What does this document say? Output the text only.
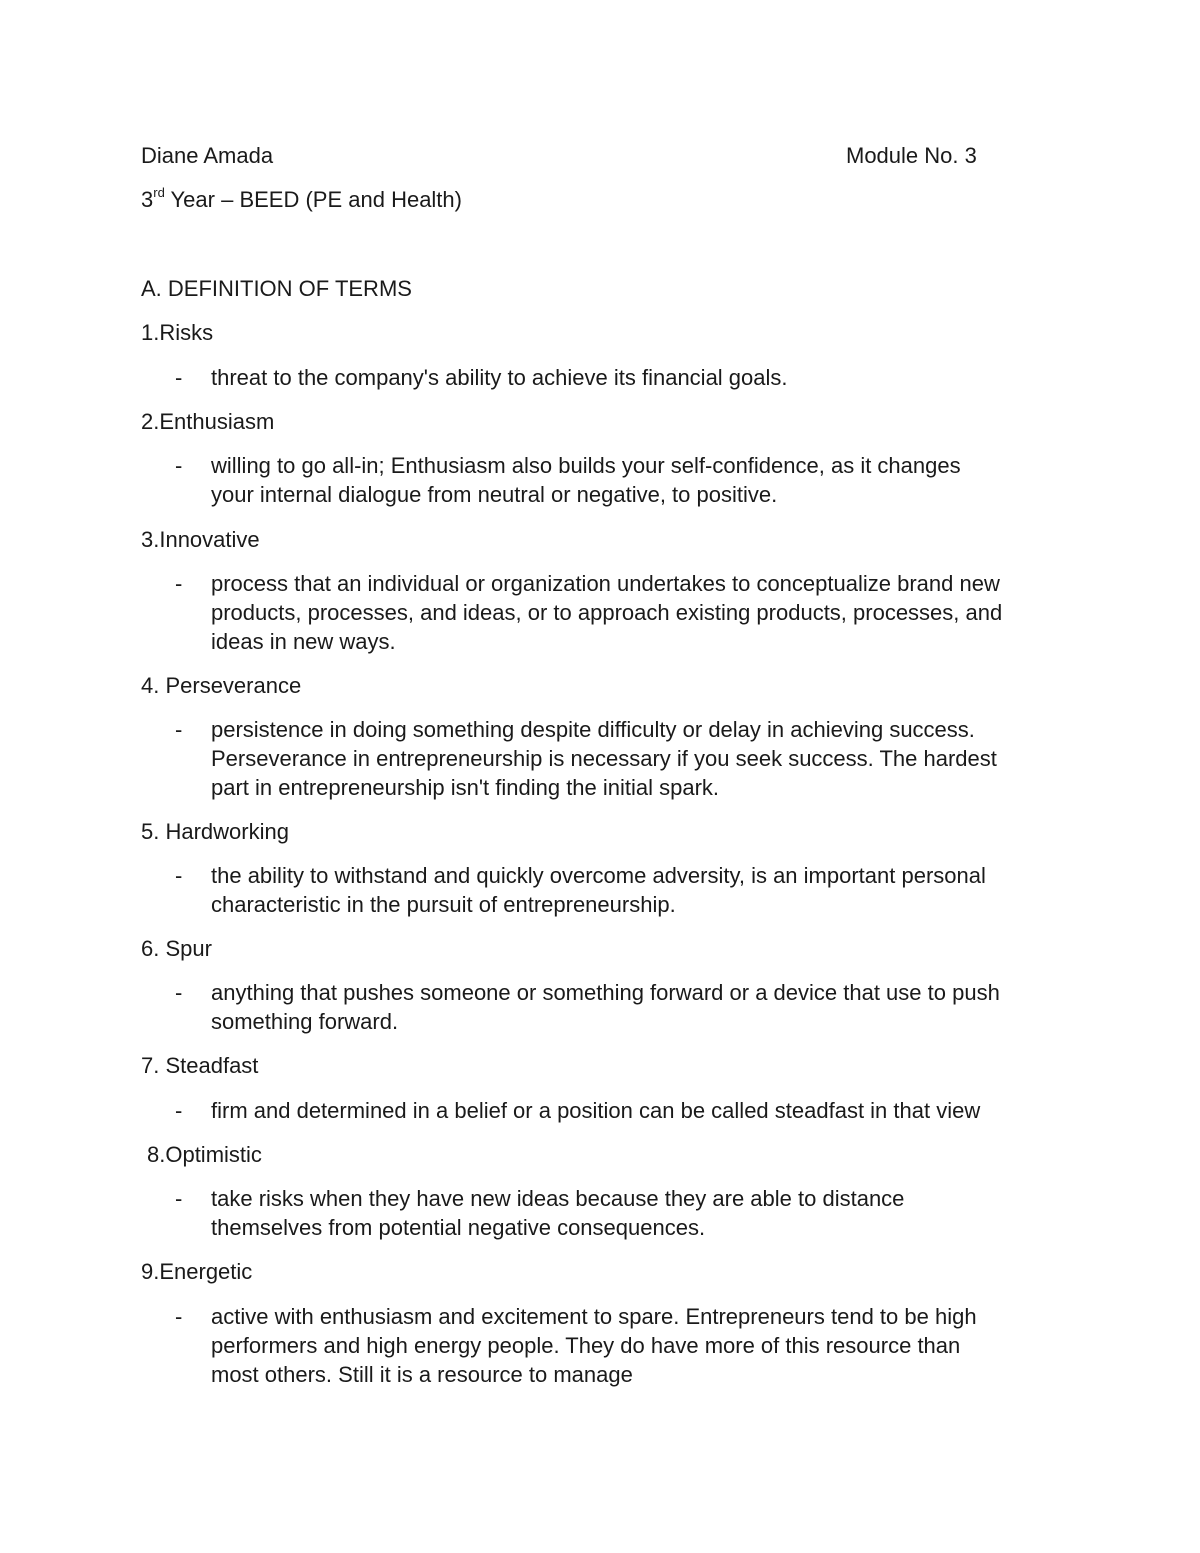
Diane Amada	Module No. 3
3rd Year – BEED (PE and Health)
A. DEFINITION OF TERMS
1.Risks
-	threat to the company's ability to achieve its financial goals.
2.Enthusiasm
-	willing to go all-in; Enthusiasm also builds your self-confidence, as it changes
your internal dialogue from neutral or negative, to positive.
3.Innovative
-	process that an individual or organization undertakes to conceptualize brand new
products, processes, and ideas, or to approach existing products, processes, and
ideas in new ways.
4. Perseverance
-	persistence in doing something despite difficulty or delay in achieving success.
Perseverance in entrepreneurship is necessary if you seek success. The hardest
part in entrepreneurship isn't finding the initial spark.
5. Hardworking
-	the ability to withstand and quickly overcome adversity, is an important personal
characteristic in the pursuit of entrepreneurship.
6. Spur
-	anything that pushes someone or something forward or a device that use to push
something forward.
7. Steadfast
-	firm and determined in a belief or a position can be called steadfast in that view
8.Optimistic
-	take risks when they have new ideas because they are able to distance
themselves from potential negative consequences.
9.Energetic
-	active with enthusiasm and excitement to spare. Entrepreneurs tend to be high
performers and high energy people. They do have more of this resource than
most others. Still it is a resource to manage
